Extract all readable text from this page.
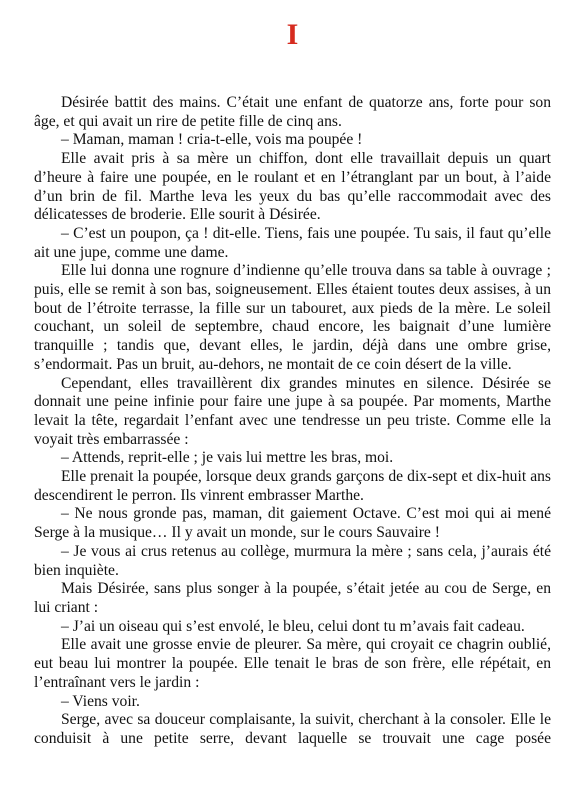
I

Désirée battit des mains. C’était une enfant de quatorze ans, forte pour son âge, et qui avait un rire de petite fille de cinq ans.

– Maman, maman ! cria-t-elle, vois ma poupée !

Elle avait pris à sa mère un chiffon, dont elle travaillait depuis un quart d’heure à faire une poupée, en le roulant et en l’étranglant par un bout, à l’aide d’un brin de fil. Marthe leva les yeux du bas qu’elle raccommodait avec des délicatesses de broderie. Elle sourit à Désirée.

– C’est un poupon, ça ! dit-elle. Tiens, fais une poupée. Tu sais, il faut qu’elle ait une jupe, comme une dame.

Elle lui donna une rognure d’indienne qu’elle trouva dans sa table à ouvrage ; puis, elle se remit à son bas, soigneusement. Elles étaient toutes deux assises, à un bout de l’étroite terrasse, la fille sur un tabouret, aux pieds de la mère. Le soleil couchant, un soleil de septembre, chaud encore, les baignait d’une lumière tranquille ; tandis que, devant elles, le jardin, déjà dans une ombre grise, s’endormait. Pas un bruit, au-dehors, ne montait de ce coin désert de la ville.

Cependant, elles travaillèrent dix grandes minutes en silence. Désirée se donnait une peine infinie pour faire une jupe à sa poupée. Par moments, Marthe levait la tête, regardait l’enfant avec une tendresse un peu triste. Comme elle la voyait très embarrassée :

– Attends, reprit-elle ; je vais lui mettre les bras, moi.

Elle prenait la poupée, lorsque deux grands garçons de dix-sept et dix-huit ans descendirent le perron. Ils vinrent embrasser Marthe.

– Ne nous gronde pas, maman, dit gaiement Octave. C’est moi qui ai mené Serge à la musique… Il y avait un monde, sur le cours Sauvaire !

– Je vous ai crus retenus au collège, murmura la mère ; sans cela, j’aurais été bien inquiète.

Mais Désirée, sans plus songer à la poupée, s’était jetée au cou de Serge, en lui criant :

– J’ai un oiseau qui s’est envolé, le bleu, celui dont tu m’avais fait cadeau.

Elle avait une grosse envie de pleurer. Sa mère, qui croyait ce chagrin oublié, eut beau lui montrer la poupée. Elle tenait le bras de son frère, elle répétait, en l’entraînant vers le jardin :

– Viens voir.

Serge, avec sa douceur complaisante, la suivit, cherchant à la consoler. Elle le conduisit à une petite serre, devant laquelle se trouvait une cage posée
